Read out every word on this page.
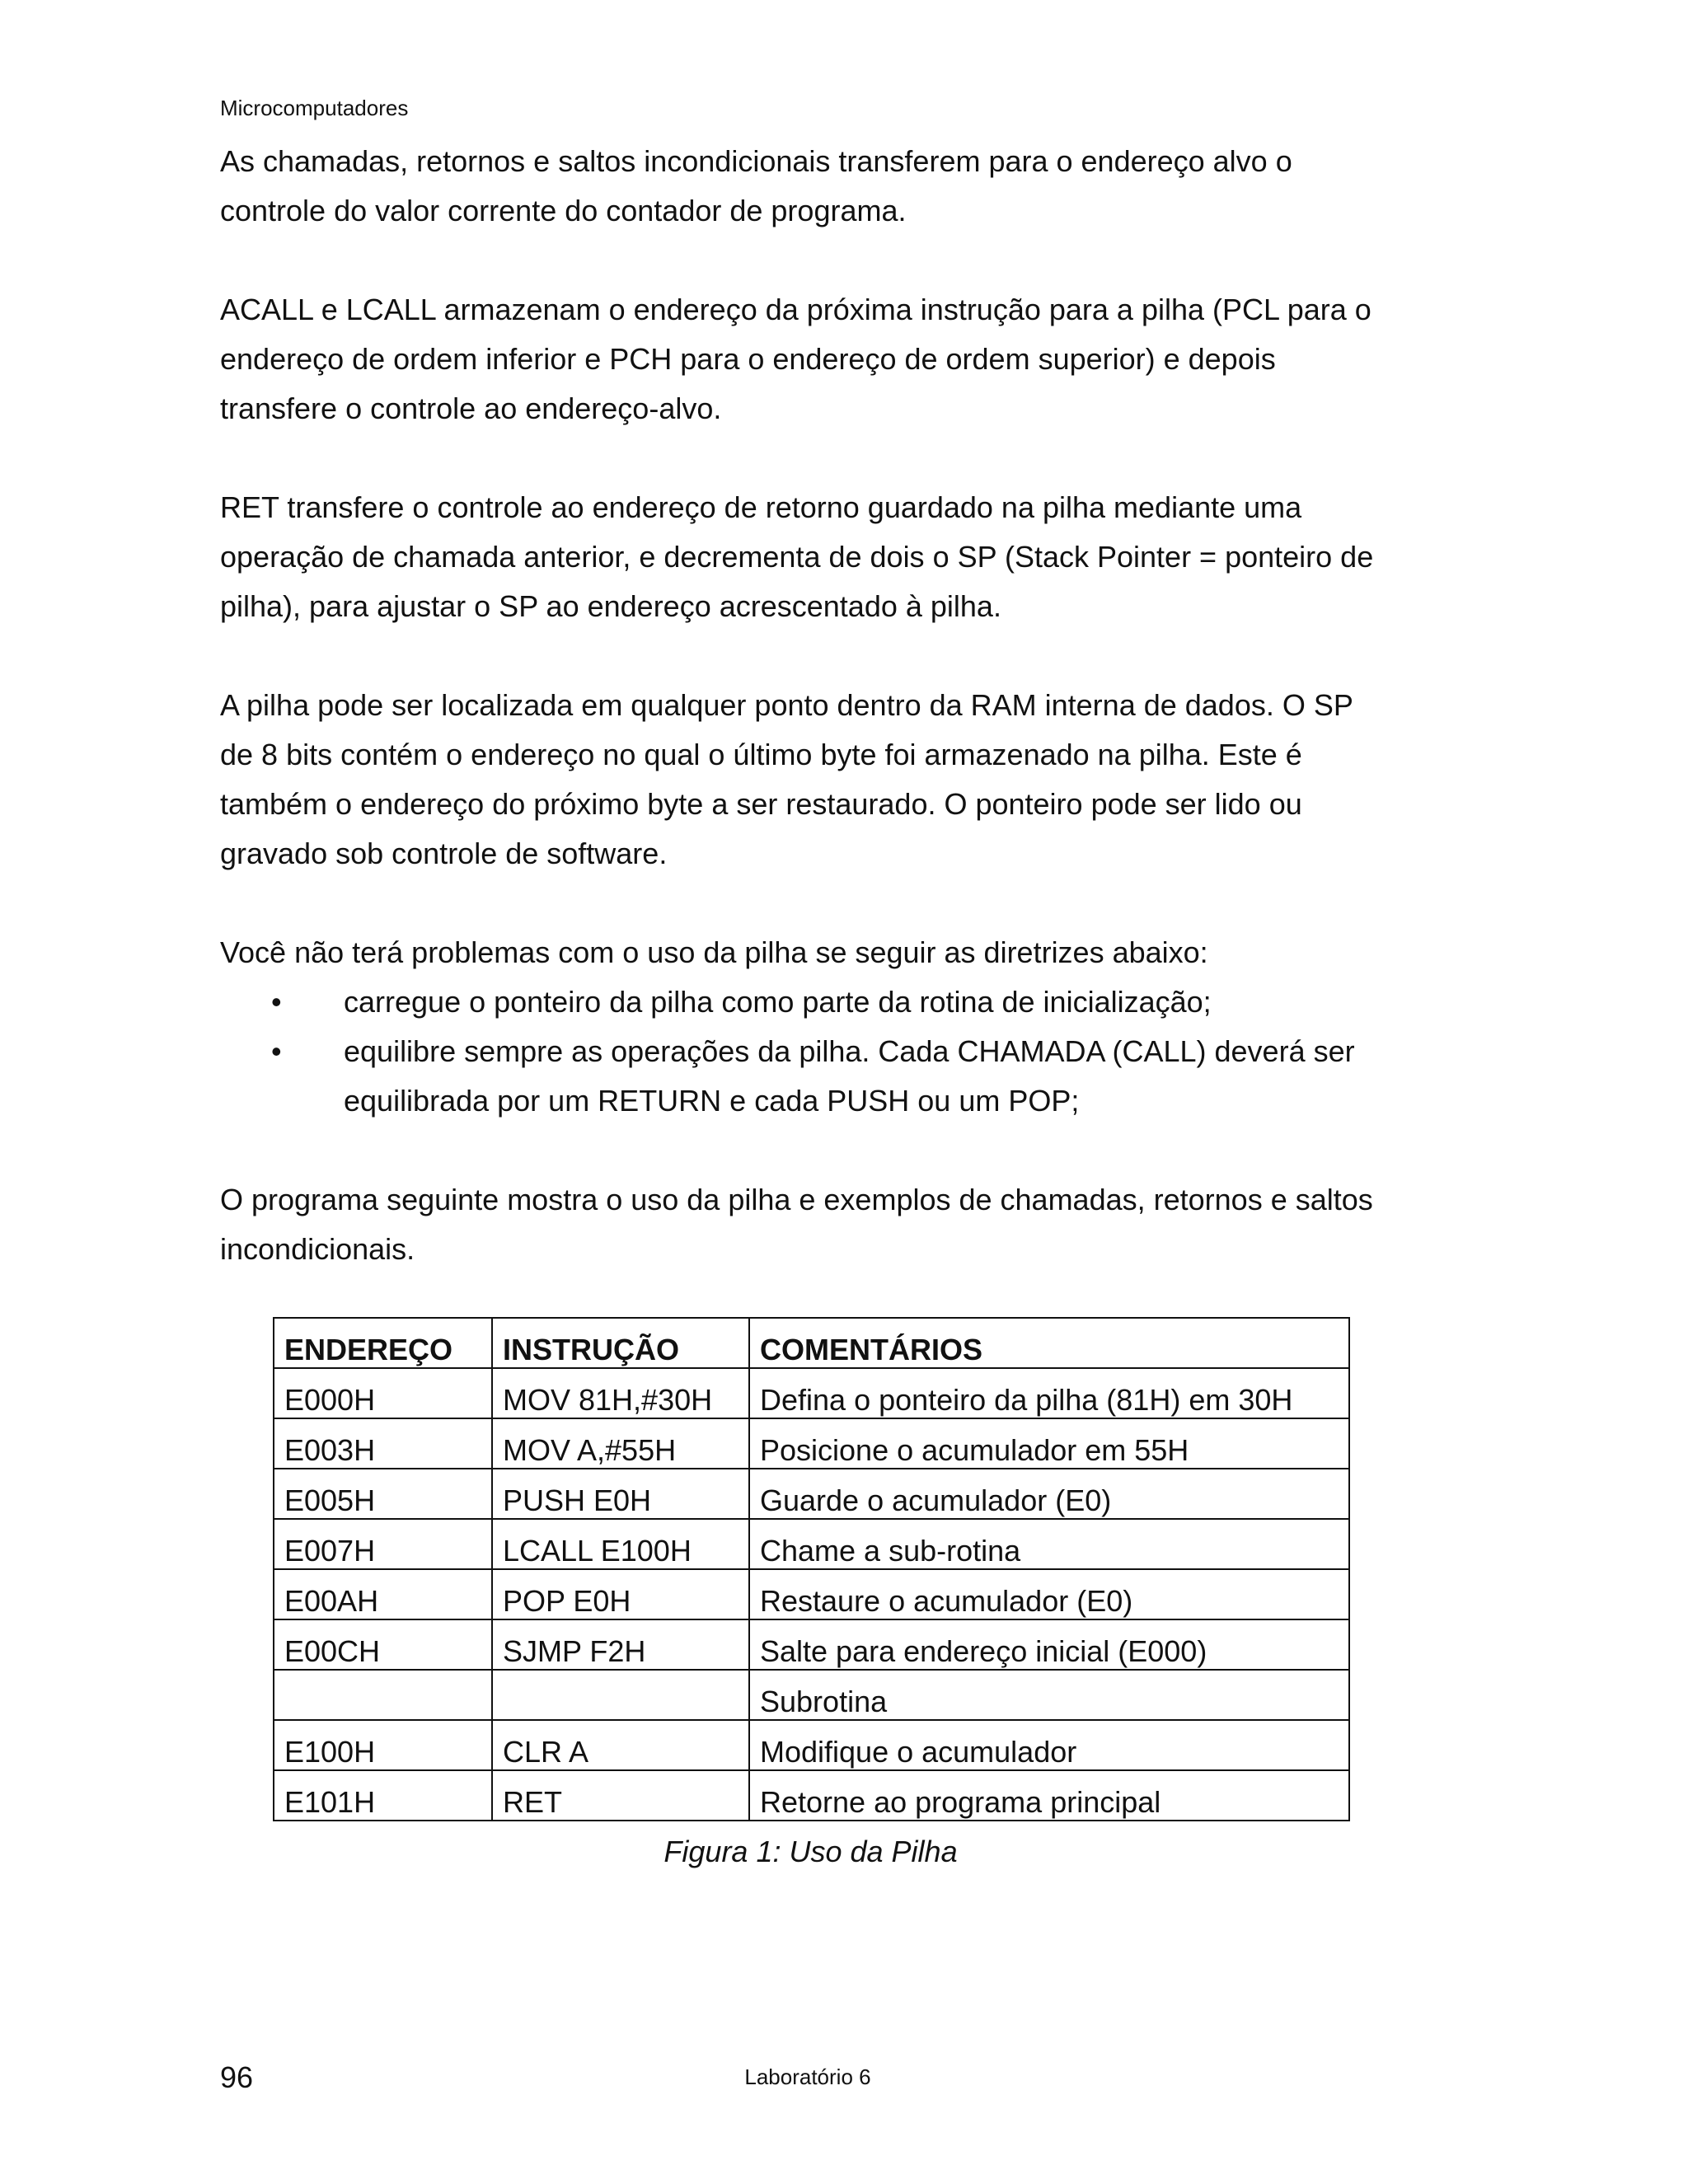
Microcomputadores

As chamadas, retornos e saltos incondicionais transferem para o endereço alvo o controle do valor corrente do contador de programa.

ACALL e LCALL armazenam o endereço da próxima instrução para a pilha (PCL para o endereço de ordem inferior e PCH para o endereço de ordem superior) e depois transfere o controle ao endereço-alvo.

RET transfere o controle ao endereço de retorno guardado na pilha mediante uma operação de chamada anterior, e decrementa de dois o SP (Stack Pointer = ponteiro de pilha), para ajustar o SP ao endereço acrescentado à pilha.

A pilha pode ser localizada em qualquer ponto dentro da RAM interna de dados. O SP de 8 bits contém o endereço no qual o último byte foi armazenado na pilha. Este é também o endereço do próximo byte a ser restaurado. O ponteiro pode ser lido ou gravado sob controle de software.

Você não terá problemas com o uso da pilha se seguir as diretrizes abaixo:

• carregue o ponteiro da pilha como parte da rotina de inicialização;
• equilibre sempre as operações da pilha. Cada CHAMADA (CALL) deverá ser equilibrada por um RETURN e cada PUSH ou um POP;

O programa seguinte mostra o uso da pilha e exemplos de chamadas, retornos e saltos incondicionais.

ENDEREÇO	INSTRUÇÃO	COMENTÁRIOS
E000H	MOV 81H,#30H	Defina o ponteiro da pilha (81H) em 30H
E003H	MOV A,#55H	Posicione o acumulador em 55H
E005H	PUSH E0H	Guarde o acumulador (E0)
E007H	LCALL E100H	Chame a sub-rotina
E00AH	POP E0H	Restaure o acumulador (E0)
E00CH	SJMP F2H	Salte para endereço inicial (E000)
		Subrotina
E100H	CLR A	Modifique o acumulador
E101H	RET	Retorne ao programa principal
Figura 1: Uso da Pilha
96	Laboratório 6
